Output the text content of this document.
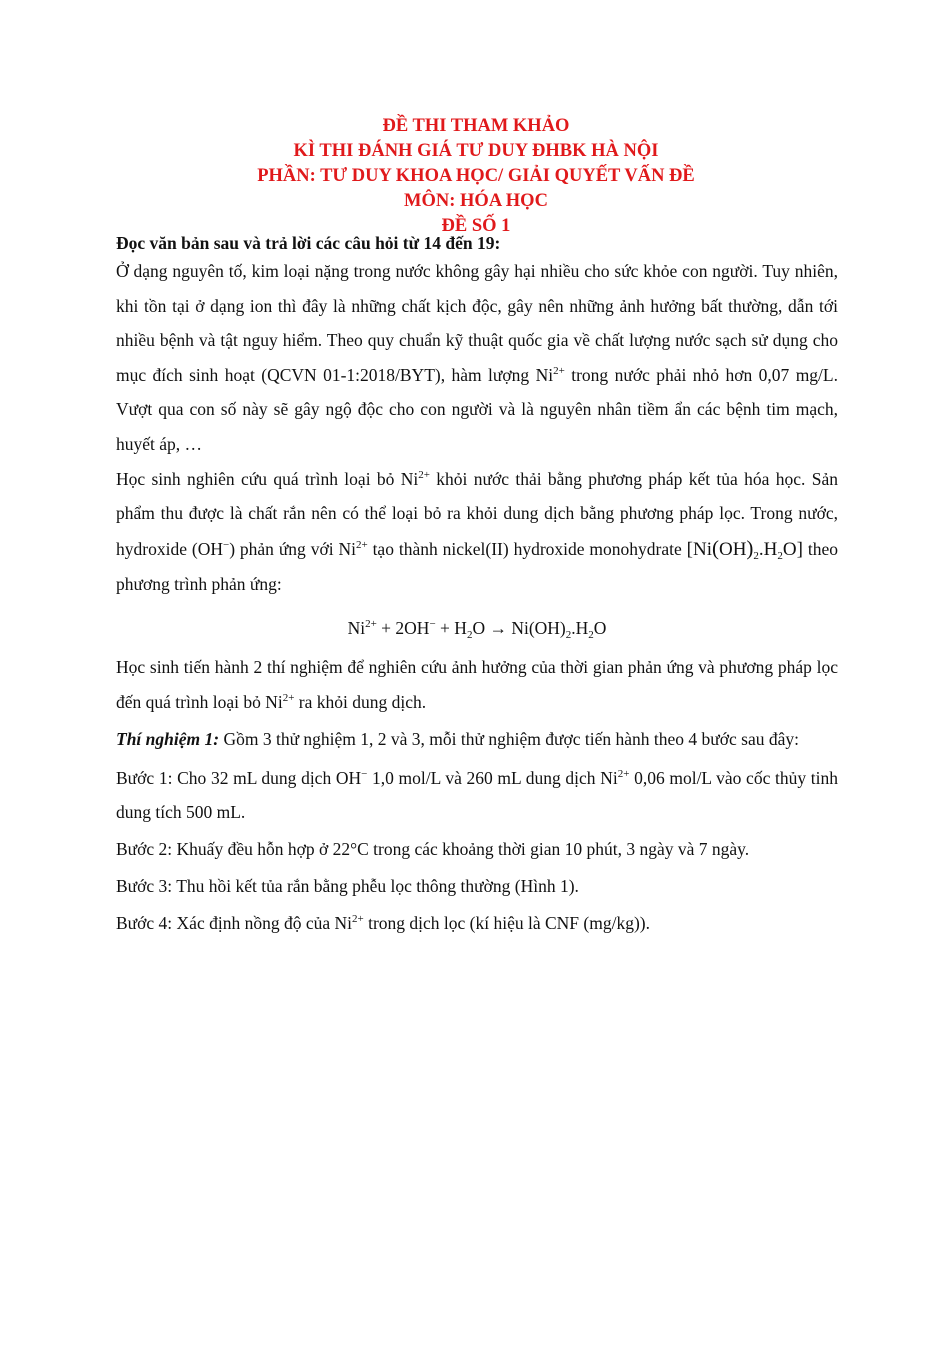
ĐỀ THI THAM KHẢO
KÌ THI ĐÁNH GIÁ TƯ DUY ĐHBK HÀ NỘI
PHẦN: TƯ DUY KHOA HỌC/ GIẢI QUYẾT VẤN ĐỀ
MÔN: HÓA HỌC
ĐỀ SỐ 1
Đọc văn bản sau và trả lời các câu hỏi từ 14 đến 19:

Ở dạng nguyên tố, kim loại nặng trong nước không gây hại nhiều cho sức khỏe con người. Tuy nhiên, khi tồn tại ở dạng ion thì đây là những chất kịch độc, gây nên những ảnh hưởng bất thường, dẫn tới nhiều bệnh và tật nguy hiểm. Theo quy chuẩn kỹ thuật quốc gia về chất lượng nước sạch sử dụng cho mục đích sinh hoạt (QCVN 01-1:2018/BYT), hàm lượng $Ni^{2+}$ trong nước phải nhỏ hơn 0,07 mg/L. Vượt qua con số này sẽ gây ngộ độc cho con người và là nguyên nhân tiềm ẩn các bệnh tim mạch, huyết áp, …

Học sinh nghiên cứu quá trình loại bỏ $Ni^{2+}$ khỏi nước thải bằng phương pháp kết tủa hóa học. Sản phẩm thu được là chất rắn nên có thể loại bỏ ra khỏi dung dịch bằng phương pháp lọc. Trong nước, hydroxide (OH−) phản ứng với $Ni^{2+}$ tạo thành nickel(II) hydroxide monohydrate $[Ni(OH)_2.H_2O]$ theo phương trình phản ứng:

$Ni^{2+} + 2OH^- + H_2O \to Ni(OH)_2.H_2O$

Học sinh tiến hành 2 thí nghiệm để nghiên cứu ảnh hưởng của thời gian phản ứng và phương pháp lọc đến quá trình loại bỏ $Ni^{2+}$ ra khỏi dung dịch.

Thí nghiệm 1: Gồm 3 thử nghiệm 1, 2 và 3, mỗi thử nghiệm được tiến hành theo 4 bước sau đây:

Bước 1: Cho 32 mL dung dịch OH− 1,0 mol/L và 260 mL dung dịch $Ni^{2+}$ 0,06 mol/L vào cốc thủy tinh dung tích 500 mL.

Bước 2: Khuấy đều hỗn hợp ở 22°C trong các khoảng thời gian 10 phút, 3 ngày và 7 ngày.

Bước 3: Thu hồi kết tủa rắn bằng phễu lọc thông thường (Hình 1).

Bước 4: Xác định nồng độ của $Ni^{2+}$ trong dịch lọc (kí hiệu là CNF (mg/kg)).
